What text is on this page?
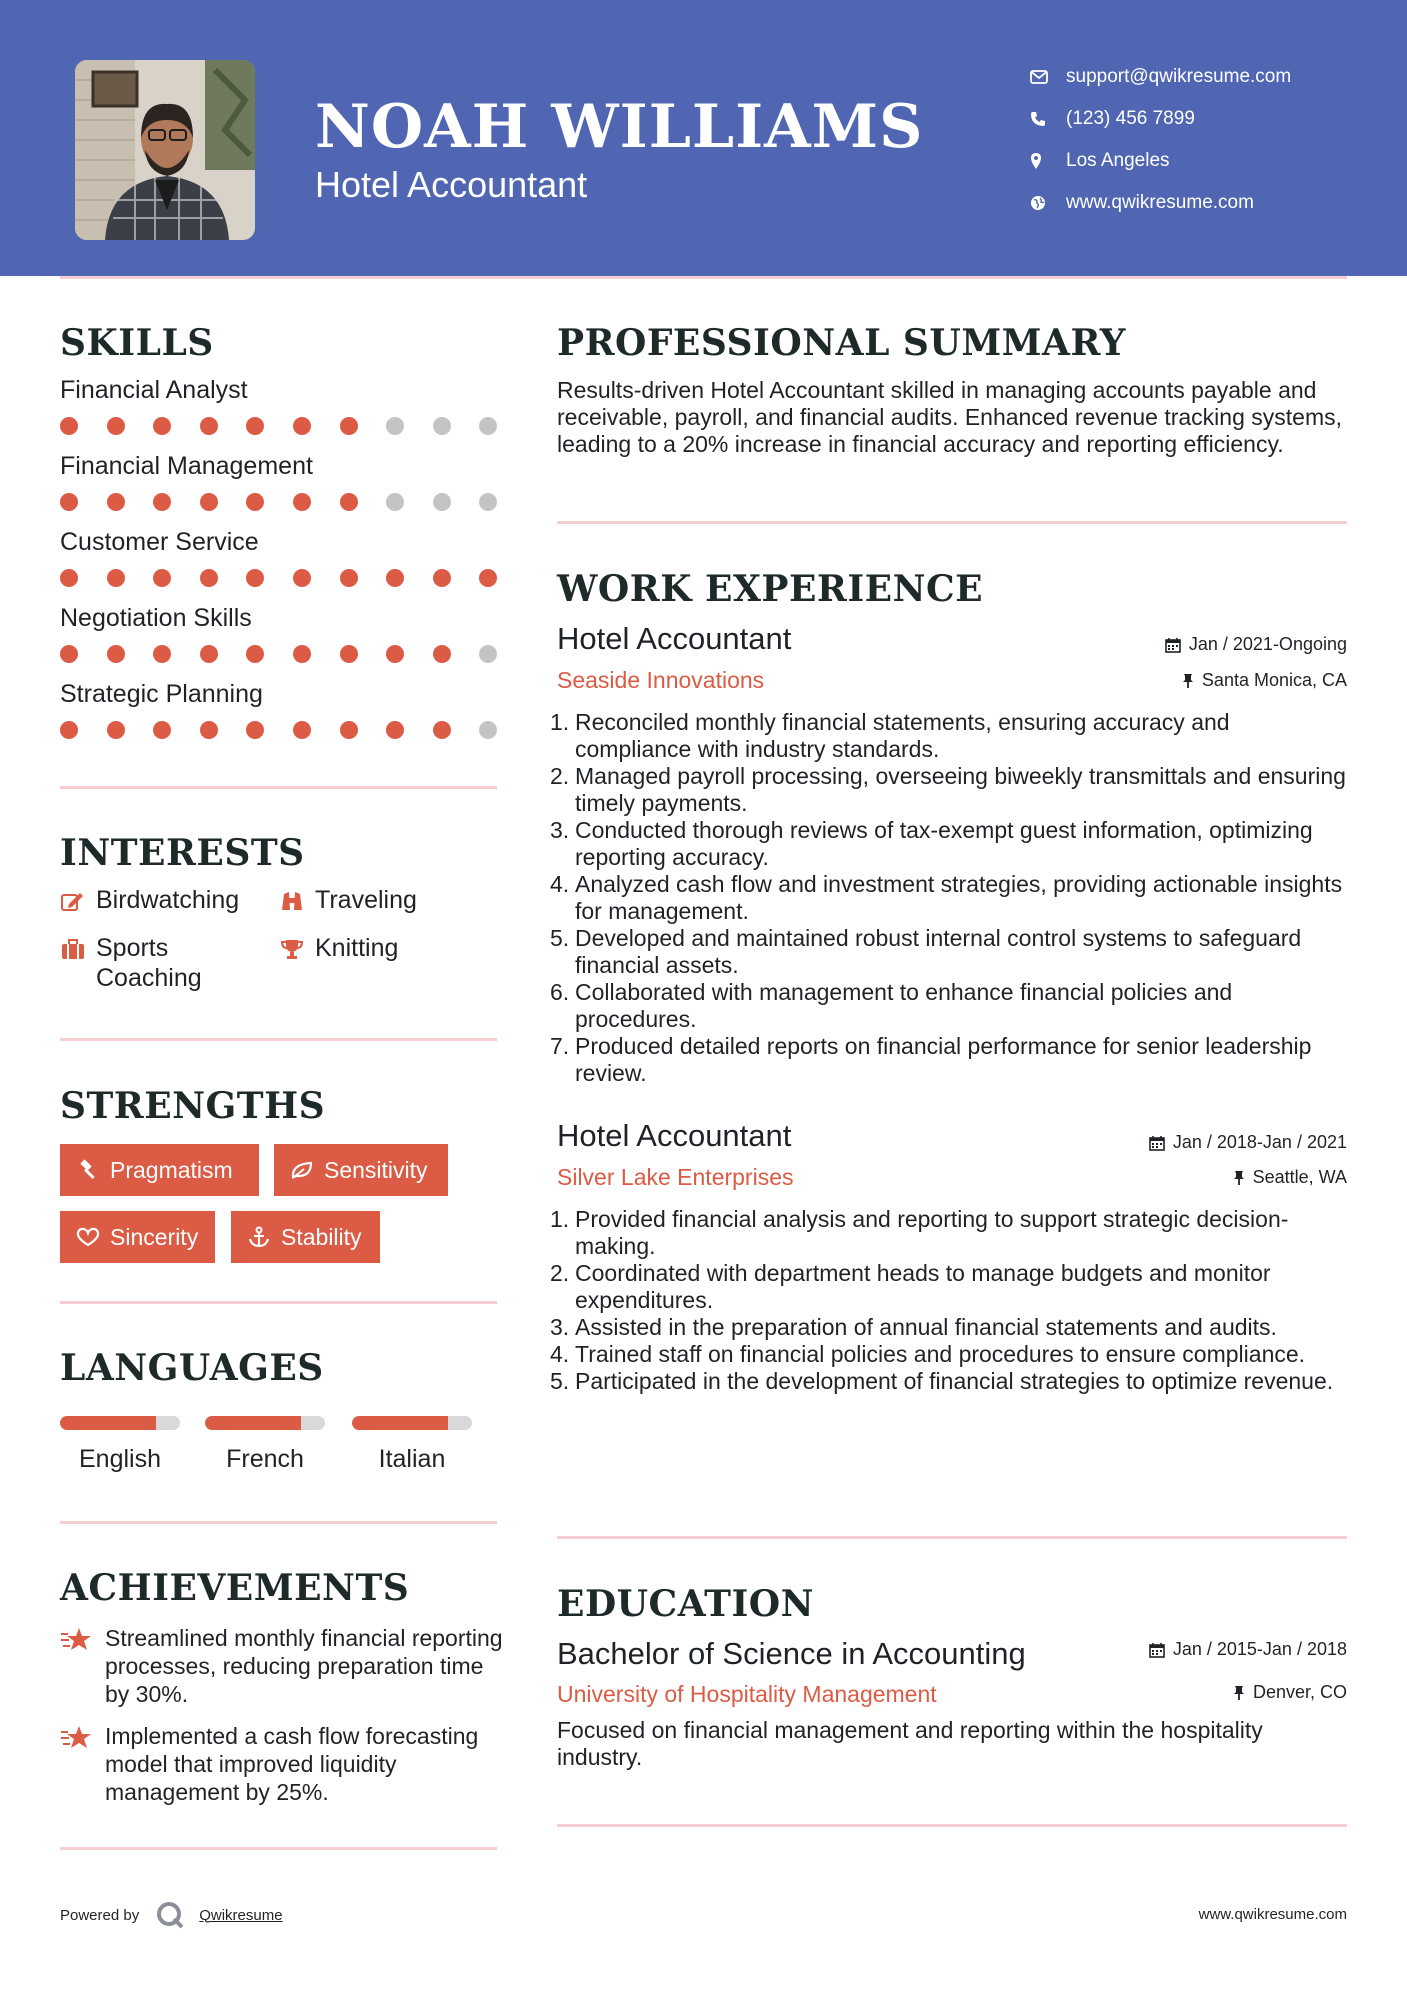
NOAH WILLIAMS
Hotel Accountant
support@qwikresume.com
(123) 456 7899
Los Angeles
www.qwikresume.com
SKILLS
Financial Analyst
Financial Management
Customer Service
Negotiation Skills
Strategic Planning
INTERESTS
Birdwatching	Traveling
Sports
Coaching
Knitting
STRENGTHS
Pragmatism	Sensitivity
Sincerity	Stability
LANGUAGES
English	French	Italian
ACHIEVEMENTS
Streamlined monthly financial reporting processes, reducing preparation time by 30%.
Implemented a cash flow forecasting model that improved liquidity management by 25%.
PROFESSIONAL SUMMARY
Results-driven Hotel Accountant skilled in managing accounts payable and receivable, payroll, and financial audits. Enhanced revenue tracking systems, leading to a 20% increase in financial accuracy and reporting efficiency.
WORK EXPERIENCE
Hotel Accountant	Jan / 2021-Ongoing
Seaside Innovations	Santa Monica, CA
1. Reconciled monthly financial statements, ensuring accuracy and compliance with industry standards.
2. Managed payroll processing, overseeing biweekly transmittals and ensuring timely payments.
3. Conducted thorough reviews of tax-exempt guest information, optimizing reporting accuracy.
4. Analyzed cash flow and investment strategies, providing actionable insights for management.
5. Developed and maintained robust internal control systems to safeguard financial assets.
6. Collaborated with management to enhance financial policies and procedures.
7. Produced detailed reports on financial performance for senior leadership review.
Hotel Accountant	Jan / 2018-Jan / 2021
Silver Lake Enterprises	Seattle, WA
1. Provided financial analysis and reporting to support strategic decision-making.
2. Coordinated with department heads to manage budgets and monitor expenditures.
3. Assisted in the preparation of annual financial statements and audits.
4. Trained staff on financial policies and procedures to ensure compliance.
5. Participated in the development of financial strategies to optimize revenue.
EDUCATION
Bachelor of Science in Accounting	Jan / 2015-Jan / 2018
University of Hospitality Management	Denver, CO
Focused on financial management and reporting within the hospitality industry.
Powered by	Qwikresume	www.qwikresume.com
